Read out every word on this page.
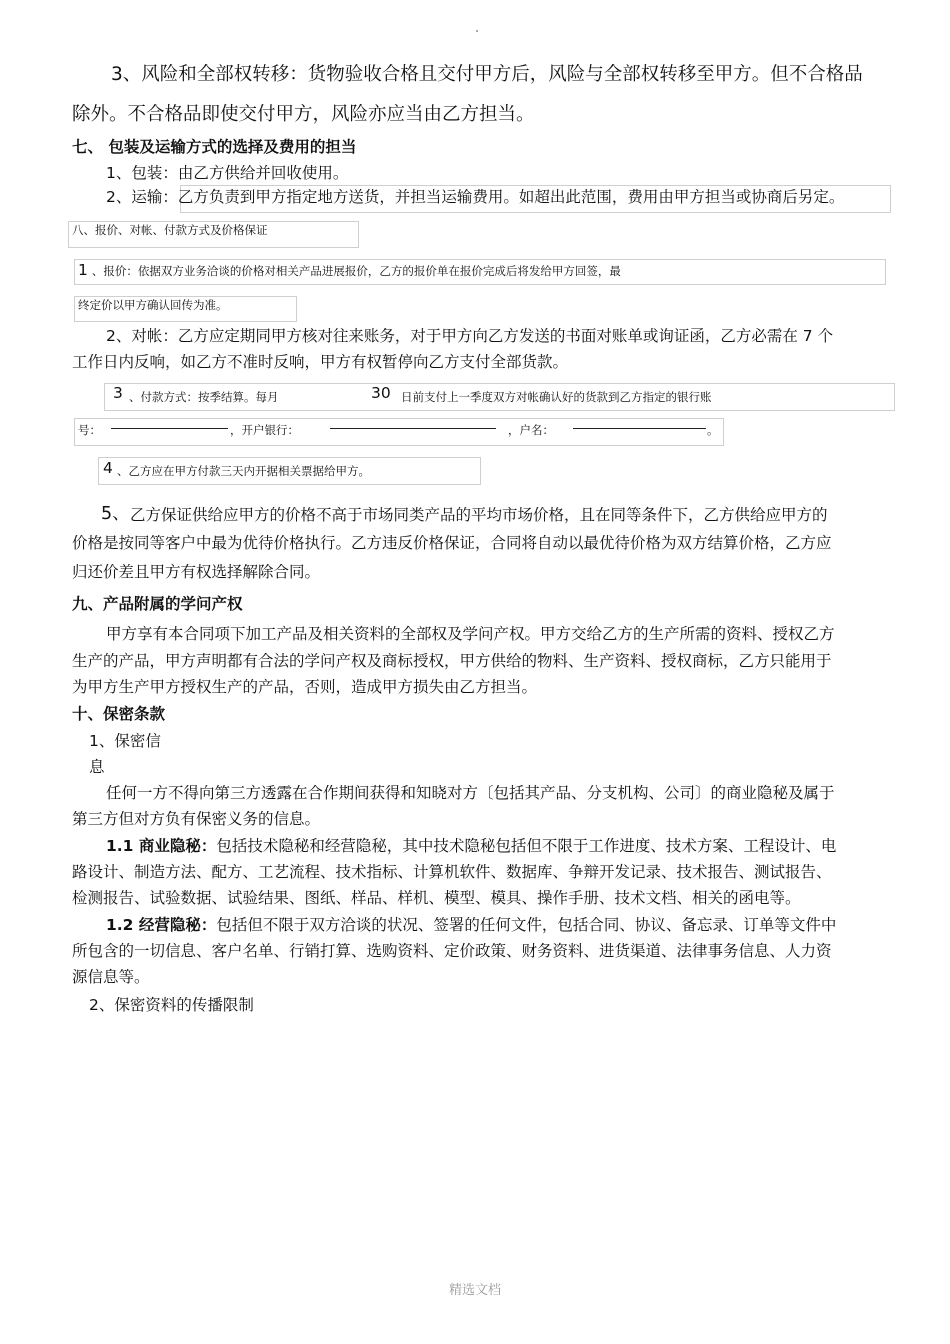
3、风险和全部权转移：货物验收合格且交付甲方后，风险与全部权转移至甲方。但不合格品
除外。不合格品即使交付甲方，风险亦应当由乙方担当。
七、 包装及运输方式的选择及费用的担当
1、包装：由乙方供给并回收使用。
2、运输：乙方负责到甲方指定地方送货，并担当运输费用。如超出此范围，费用由甲方担当或协商后另定。
八、报价、对帐、付款方式及价格保证
1 、报价：依据双方业务洽谈的价格对相关产品进展报价，乙方的报价单在报价完成后将发给甲方回签，最
终定价以甲方确认回传为准。
2、对帐：乙方应定期同甲方核对往来账务，对于甲方向乙方发送的书面对账单或询证函，乙方必需在 7 个
工作日内反响，如乙方不准时反响，甲方有权暂停向乙方支付全部货款。
3 、付款方式：按季结算。每月	30 日前支付上一季度双方对帐确认好的货款到乙方指定的银行账
号：	，开户银行：	，户名：	。
4 、乙方应在甲方付款三天内开据相关票据给甲方。
5、 乙方保证供给应甲方的价格不高于市场同类产品的平均市场价格，且在同等条件下，乙方供给应甲方的
价格是按同等客户中最为优待价格执行。乙方违反价格保证，合同将自动以最优待价格为双方结算价格，乙方应
归还价差且甲方有权选择解除合同。
九、产品附属的学问产权
甲方享有本合同项下加工产品及相关资料的全部权及学问产权。甲方交给乙方的生产所需的资料、授权乙方
生产的产品，甲方声明都有合法的学问产权及商标授权，甲方供给的物料、生产资料、授权商标，乙方只能用于
为甲方生产甲方授权生产的产品，否则，造成甲方损失由乙方担当。
十、保密条款
1、保密信
息
任何一方不得向第三方透露在合作期间获得和知晓对方〔包括其产品、分支机构、公司〕的商业隐秘及属于
第三方但对方负有保密义务的信息。
1.1 商业隐秘：包括技术隐秘和经营隐秘，其中技术隐秘包括但不限于工作进度、技术方案、工程设计、电
路设计、制造方法、配方、工艺流程、技术指标、计算机软件、数据库、争辩开发记录、技术报告、测试报告、
检测报告、试验数据、试验结果、图纸、样品、样机、模型、模具、操作手册、技术文档、相关的函电等。
1.2 经营隐秘：包括但不限于双方洽谈的状况、签署的任何文件，包括合同、协议、备忘录、订单等文件中
所包含的一切信息、客户名单、行销打算、选购资料、定价政策、财务资料、进货渠道、法律事务信息、人力资
源信息等。
2、保密资料的传播限制
精选文档
